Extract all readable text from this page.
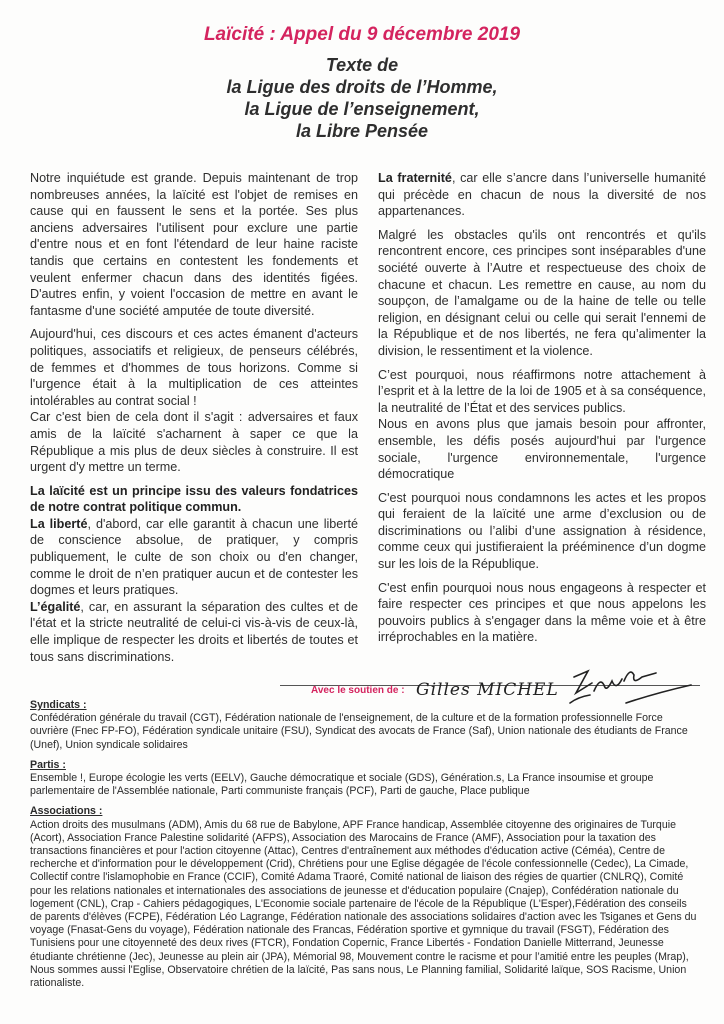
Laïcité : Appel du 9 décembre 2019
Texte de
la Ligue des droits de l’Homme,
la Ligue de l’enseignement,
la Libre Pensée

Notre inquiétude est grande. Depuis maintenant de trop nombreuses années, la laïcité est l'objet de remises en cause qui en faussent le sens et la portée. Ses plus anciens adversaires l'utilisent pour exclure une partie d'entre nous et en font l'étendard de leur haine raciste tandis que certains en contestent les fondements et veulent enfermer chacun dans des identités figées. D'autres enfin, y voient l'occasion de mettre en avant le fantasme d'une société amputée de toute diversité.

Aujourd'hui, ces discours et ces actes émanent d'acteurs politiques, associatifs et religieux, de penseurs célébrés, de femmes et d'hommes de tous horizons. Comme si l'urgence était à la multiplication de ces atteintes intolérables au contrat social !

Car c'est bien de cela dont il s'agit : adversaires et faux amis de la laïcité s'acharnent à saper ce que la République a mis plus de deux siècles à construire. Il est urgent d'y mettre un terme.

La laïcité est un principe issu des valeurs fondatrices de notre contrat politique commun.

La liberté, d'abord, car elle garantit à chacun une liberté de conscience absolue, de pratiquer, y compris publiquement, le culte de son choix ou d'en changer, comme le droit de n’en pratiquer aucun et de contester les dogmes et leurs pratiques.

L’égalité, car, en assurant la séparation des cultes et de l'état et la stricte neutralité de celui-ci vis-à-vis de ceux-là, elle implique de respecter les droits et libertés de toutes et tous sans discriminations.

La fraternité, car elle s’ancre dans l’universelle humanité qui précède en chacun de nous la diversité de nos appartenances.

Malgré les obstacles qu'ils ont rencontrés et qu'ils rencontrent encore, ces principes sont inséparables d'une société ouverte à l’Autre et respectueuse des choix de chacune et chacun. Les remettre en cause, au nom du soupçon, de l’amalgame ou de la haine de telle ou telle religion, en désignant celui ou celle qui serait l'ennemi de la République et de nos libertés, ne fera qu’alimenter la division, le ressentiment et la violence.

C’est pourquoi, nous réaffirmons notre attachement à l’esprit et à la lettre de la loi de 1905 et à sa conséquence, la neutralité de l’État et des services publics.

Nous en avons plus que jamais besoin pour affronter, ensemble, les défis posés aujourd'hui par l'urgence sociale, l'urgence environnementale, l'urgence démocratique

C'est pourquoi nous condamnons les actes et les propos qui feraient de la laïcité une arme d’exclusion ou de discriminations ou l’alibi d’une assignation à résidence, comme ceux qui justifieraient la prééminence d’un dogme sur les lois de la République.

C'est enfin pourquoi nous nous engageons à respecter et faire respecter ces principes et que nous appelons les pouvoirs publics à s'engager dans la même voie et à être irréprochables en la matière.

Avec le soutien de : Gilles MICHEL
Syndicats :
Confédération générale du travail (CGT), Fédération nationale de l'enseignement, de la culture et de la formation professionnelle Force ouvrière (Fnec FP-FO), Fédération syndicale unitaire (FSU), Syndicat des avocats de France (Saf), Union nationale des étudiants de France (Unef), Union syndicale solidaires
Partis :
Ensemble !, Europe écologie les verts (EELV), Gauche démocratique et sociale (GDS), Génération.s, La France insoumise et groupe parlementaire de l'Assemblée nationale, Parti communiste français (PCF), Parti de gauche, Place publique
Associations :
Action droits des musulmans (ADM), Amis du 68 rue de Babylone, APF France handicap, Assemblée citoyenne des originaires de Turquie (Acort), Association France Palestine solidarité (AFPS), Association des Marocains de France (AMF), Association pour la taxation des transactions financières et pour l'action citoyenne (Attac), Centres d'entraînement aux méthodes d'éducation active (Céméa), Centre de recherche et d'information pour le développement (Crid), Chrétiens pour une Eglise dégagée de l'école confessionnelle (Cedec), La Cimade, Collectif contre l'islamophobie en France (CCIF), Comité Adama Traoré, Comité national de liaison des régies de quartier (CNLRQ), Comité pour les relations nationales et internationales des associations de jeunesse et d'éducation populaire (Cnajep), Confédération nationale du logement (CNL), Crap - Cahiers pédagogiques, L'Economie sociale partenaire de l'école de la République (L'Esper),Fédération des conseils de parents d'élèves (FCPE), Fédération Léo Lagrange, Fédération nationale des associations solidaires d'action avec les Tsiganes et Gens du voyage (Fnasat-Gens du voyage), Fédération nationale des Francas, Fédération sportive et gymnique du travail (FSGT), Fédération des Tunisiens pour une citoyenneté des deux rives (FTCR), Fondation Copernic, France Libertés - Fondation Danielle Mitterrand, Jeunesse étudiante chrétienne (Jec), Jeunesse au plein air (JPA), Mémorial 98, Mouvement contre le racisme et pour l’amitié entre les peuples (Mrap), Nous sommes aussi l'Eglise, Observatoire chrétien de la laïcité, Pas sans nous, Le Planning familial, Solidarité laïque, SOS Racisme, Union rationaliste.
